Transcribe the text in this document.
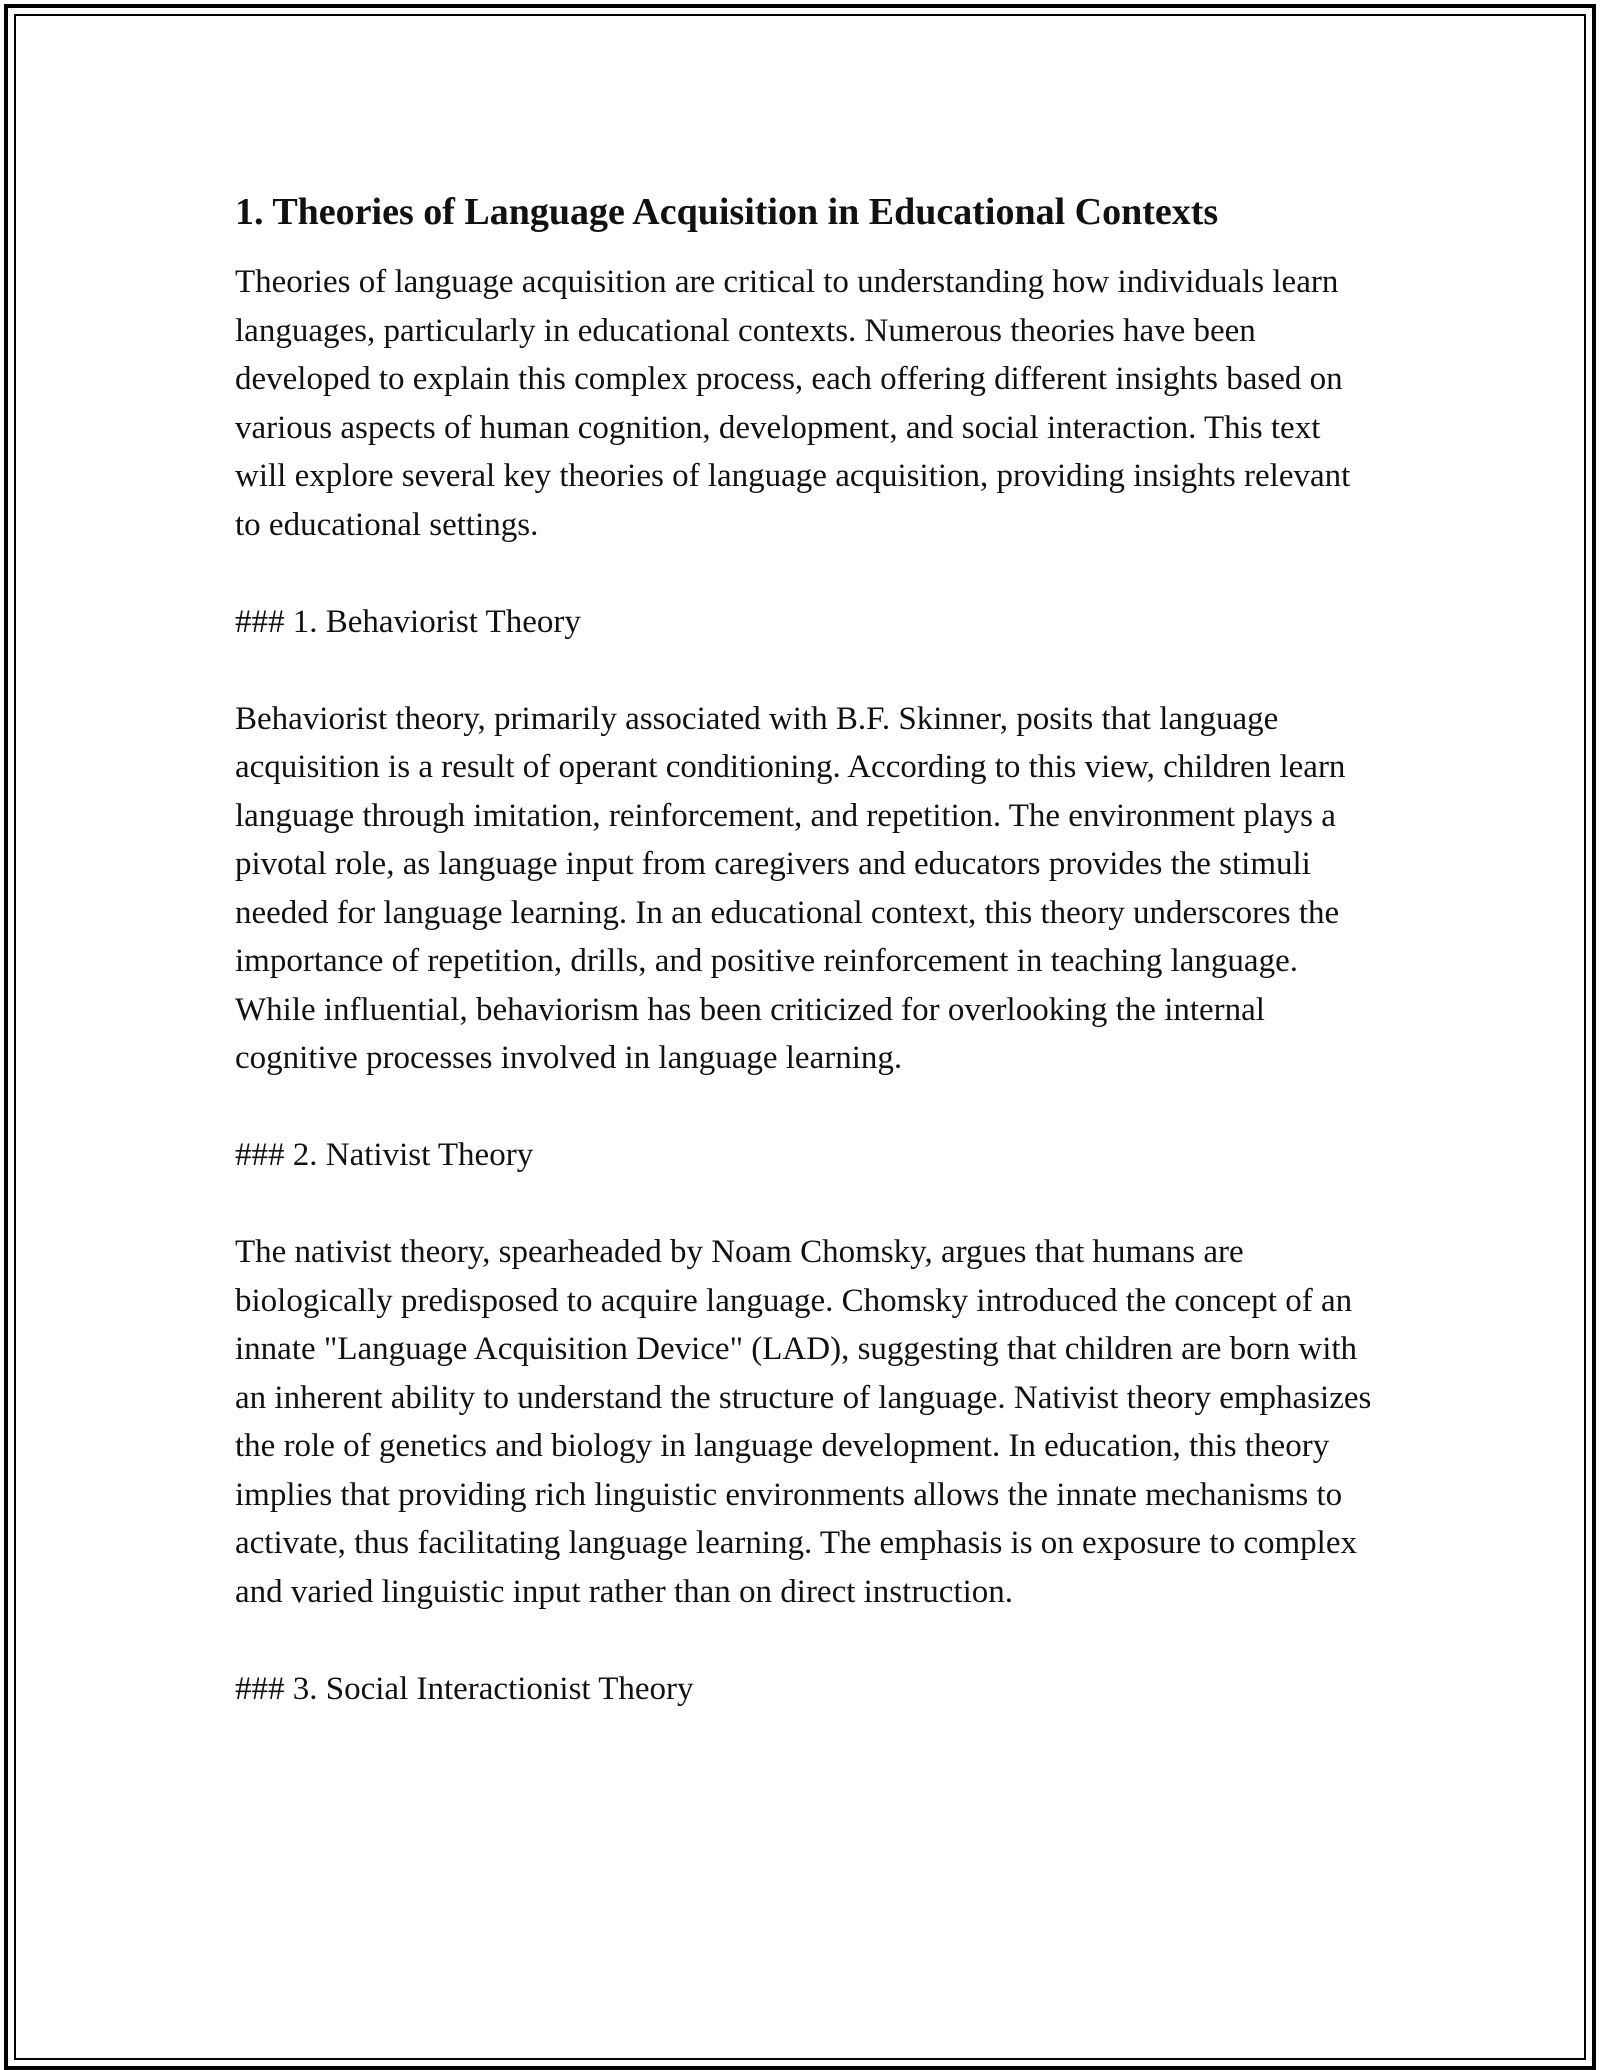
1. Theories of Language Acquisition in Educational Contexts

Theories of language acquisition are critical to understanding how individuals learn languages, particularly in educational contexts. Numerous theories have been developed to explain this complex process, each offering different insights based on various aspects of human cognition, development, and social interaction. This text will explore several key theories of language acquisition, providing insights relevant to educational settings.

### 1. Behaviorist Theory

Behaviorist theory, primarily associated with B.F. Skinner, posits that language acquisition is a result of operant conditioning. According to this view, children learn language through imitation, reinforcement, and repetition. The environment plays a pivotal role, as language input from caregivers and educators provides the stimuli needed for language learning. In an educational context, this theory underscores the importance of repetition, drills, and positive reinforcement in teaching language. While influential, behaviorism has been criticized for overlooking the internal cognitive processes involved in language learning.

### 2. Nativist Theory

The nativist theory, spearheaded by Noam Chomsky, argues that humans are biologically predisposed to acquire language. Chomsky introduced the concept of an innate "Language Acquisition Device" (LAD), suggesting that children are born with an inherent ability to understand the structure of language. Nativist theory emphasizes the role of genetics and biology in language development. In education, this theory implies that providing rich linguistic environments allows the innate mechanisms to activate, thus facilitating language learning. The emphasis is on exposure to complex and varied linguistic input rather than on direct instruction.

### 3. Social Interactionist Theory
